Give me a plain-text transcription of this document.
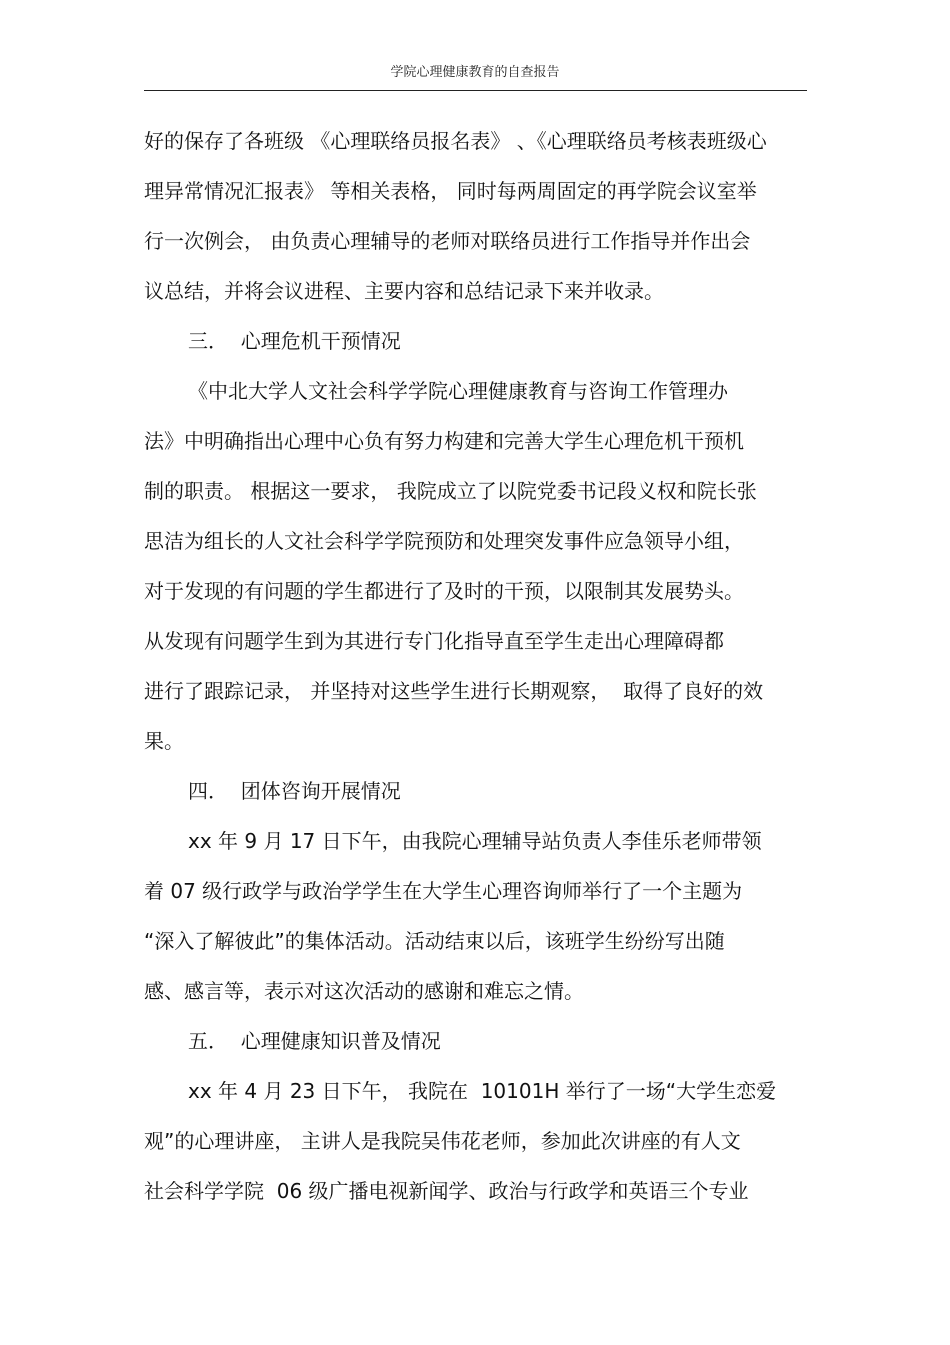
学院心理健康教育的自查报告
好的保存了各班级 《心理联络员报名表》 、《心理联络员考核表班级心
理异常情况汇报表》 等相关表格， 同时每两周固定的再学院会议室举
行一次例会， 由负责心理辅导的老师对联络员进行工作指导并作出会
议总结，并将会议进程、主要内容和总结记录下来并收录。
三．  心理危机干预情况
《中北大学人文社会科学学院心理健康教育与咨询工作管理办
法》中明确指出心理中心负有努力构建和完善大学生心理危机干预机
制的职责。 根据这一要求， 我院成立了以院党委书记段义权和院长张
思洁为组长的人文社会科学学院预防和处理突发事件应急领导小组，
对于发现的有问题的学生都进行了及时的干预，以限制其发展势头。
从发现有问题学生到为其进行专门化指导直至学生走出心理障碍都
进行了跟踪记录， 并坚持对这些学生进行长期观察，  取得了良好的效
果。
四．  团体咨询开展情况
xx 年 9 月 17 日下午，由我院心理辅导站负责人李佳乐老师带领
着 07 级行政学与政治学学生在大学生心理咨询师举行了一个主题为
“深入了解彼此”的集体活动。活动结束以后，该班学生纷纷写出随
感、感言等，表示对这次活动的感谢和难忘之情。
五．  心理健康知识普及情况
xx 年 4 月 23 日下午， 我院在  10101H 举行了一场“大学生恋爱
观”的心理讲座， 主讲人是我院吴伟花老师，参加此次讲座的有人文
社会科学学院  06 级广播电视新闻学、政治与行政学和英语三个专业
